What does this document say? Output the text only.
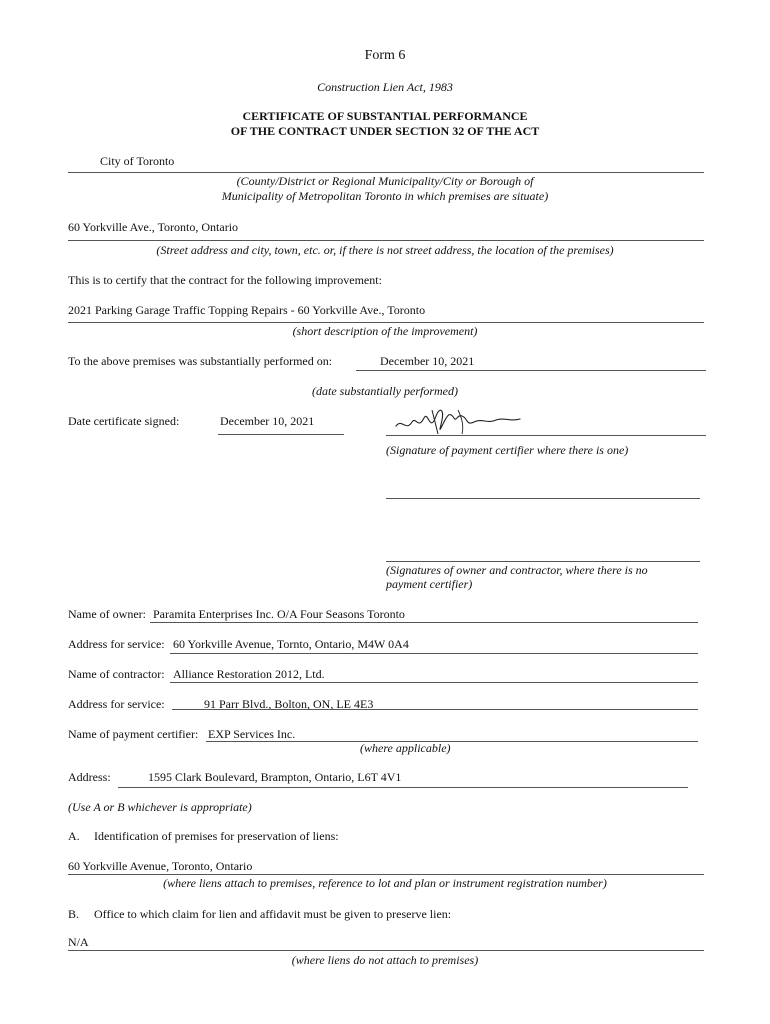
Form 6
Construction Lien Act, 1983
CERTIFICATE OF SUBSTANTIAL PERFORMANCE
OF THE CONTRACT UNDER SECTION 32 OF THE ACT
City of Toronto
(County/District or Regional Municipality/City or Borough of
Municipality of Metropolitan Toronto in which premises are situate)
60 Yorkville Ave., Toronto, Ontario
(Street address and city, town, etc. or, if there is not street address, the location of the premises)
This is to certify that the contract for the following improvement:
2021 Parking Garage Traffic Topping Repairs - 60 Yorkville Ave., Toronto
(short description of the improvement)
To the above premises was substantially performed on:	December 10, 2021
(date substantially performed)
Date certificate signed:	December 10, 2021
(Signature of payment certifier where there is one)
(Signatures of owner and contractor, where there is no
payment certifier)
Name of owner: Paramita Enterprises Inc. O/A Four Seasons Toronto
Address for service: 60 Yorkville Avenue, Tornto, Ontario, M4W 0A4
Name of contractor: Alliance Restoration 2012, Ltd.
Address for service:	91 Parr Blvd., Bolton, ON, LE 4E3
Name of payment certifier: EXP Services Inc.
(where applicable)
Address:	1595 Clark Boulevard, Brampton, Ontario, L6T 4V1
(Use A or B whichever is appropriate)
A. Identification of premises for preservation of liens:
60 Yorkville Avenue, Toronto, Ontario
(where liens attach to premises, reference to lot and plan or instrument registration number)
B. Office to which claim for lien and affidavit must be given to preserve lien:
N/A
(where liens do not attach to premises)
